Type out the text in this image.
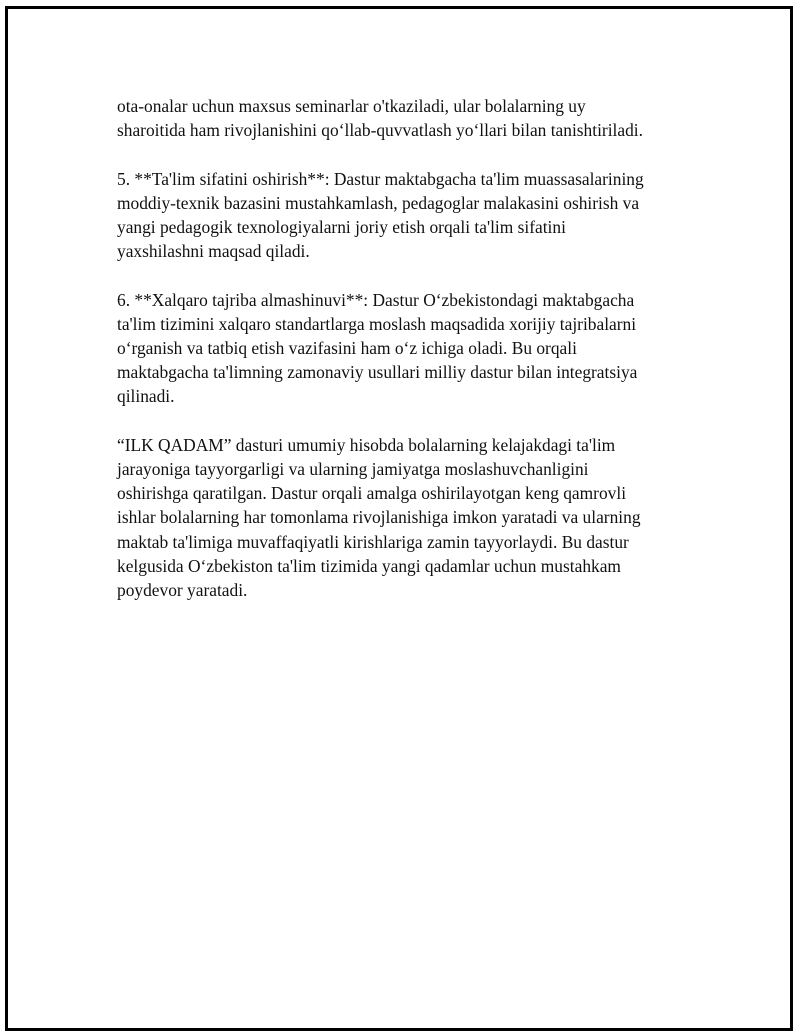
ota-onalar uchun maxsus seminarlar o'tkaziladi, ular bolalarning uy
sharoitida ham rivojlanishini qo‘llab-quvvatlash yo‘llari bilan tanishtiriladi.

5. **Ta'lim sifatini oshirish**: Dastur maktabgacha ta'lim muassasalarining
moddiy-texnik bazasini mustahkamlash, pedagoglar malakasini oshirish va
yangi pedagogik texnologiyalarni joriy etish orqali ta'lim sifatini
yaxshilashni maqsad qiladi.

6. **Xalqaro tajriba almashinuvi**: Dastur O‘zbekistondagi maktabgacha
ta'lim tizimini xalqaro standartlarga moslash maqsadida xorijiy tajribalarni
o‘rganish va tatbiq etish vazifasini ham o‘z ichiga oladi. Bu orqali
maktabgacha ta'limning zamonaviy usullari milliy dastur bilan integratsiya
qilinadi.

“ILK QADAM” dasturi umumiy hisobda bolalarning kelajakdagi ta'lim
jarayoniga tayyorgarligi va ularning jamiyatga moslashuvchanligini
oshirishga qaratilgan. Dastur orqali amalga oshirilayotgan keng qamrovli
ishlar bolalarning har tomonlama rivojlanishiga imkon yaratadi va ularning
maktab ta'limiga muvaffaqiyatli kirishlariga zamin tayyorlaydi. Bu dastur
kelgusida O‘zbekiston ta'lim tizimida yangi qadamlar uchun mustahkam
poydevor yaratadi.
